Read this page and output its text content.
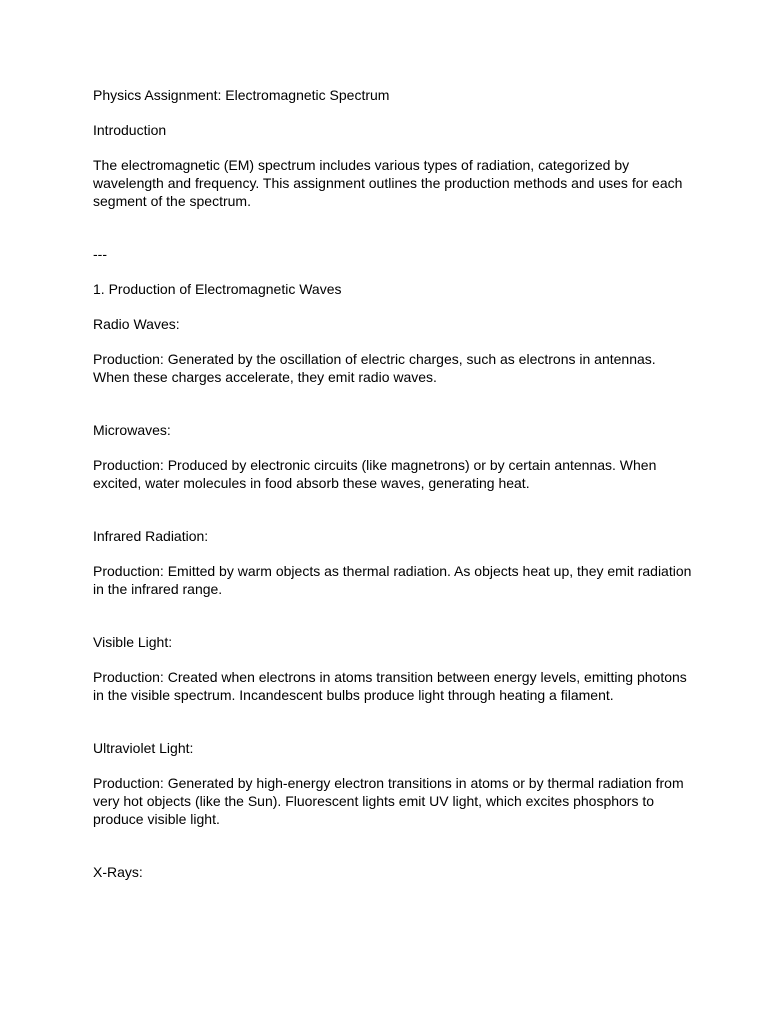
Physics Assignment: Electromagnetic Spectrum

Introduction

The electromagnetic (EM) spectrum includes various types of radiation, categorized by wavelength and frequency. This assignment outlines the production methods and uses for each segment of the spectrum.

---

1. Production of Electromagnetic Waves

Radio Waves:

Production: Generated by the oscillation of electric charges, such as electrons in antennas. When these charges accelerate, they emit radio waves.

Microwaves:

Production: Produced by electronic circuits (like magnetrons) or by certain antennas. When excited, water molecules in food absorb these waves, generating heat.

Infrared Radiation:

Production: Emitted by warm objects as thermal radiation. As objects heat up, they emit radiation in the infrared range.

Visible Light:

Production: Created when electrons in atoms transition between energy levels, emitting photons in the visible spectrum. Incandescent bulbs produce light through heating a filament.

Ultraviolet Light:

Production: Generated by high-energy electron transitions in atoms or by thermal radiation from very hot objects (like the Sun). Fluorescent lights emit UV light, which excites phosphors to produce visible light.

X-Rays:
